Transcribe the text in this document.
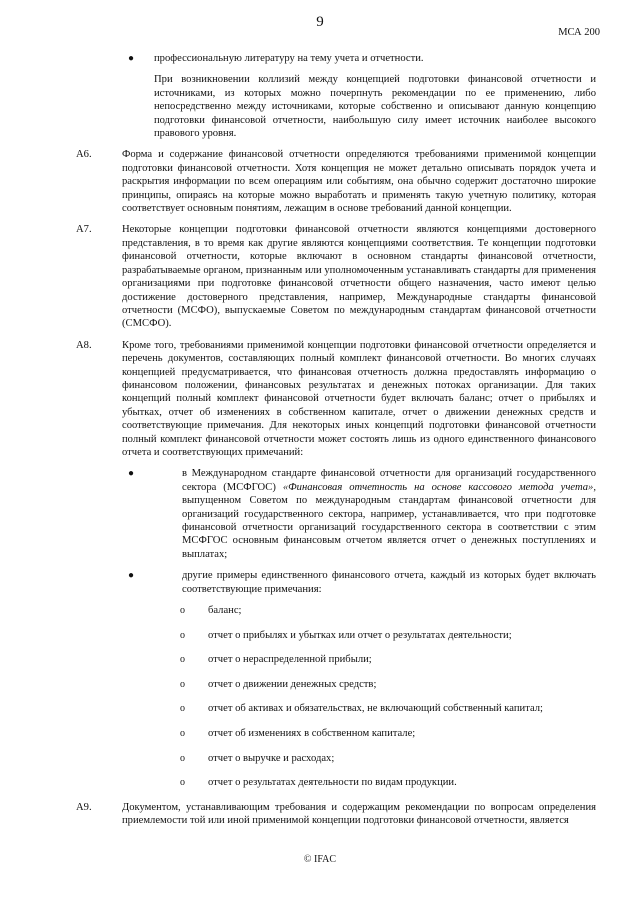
9
МСА 200
● профессиональную литературу на тему учета и отчетности.
При возникновении коллизий между концепцией подготовки финансовой отчетности и источниками, из которых можно почерпнуть рекомендации по ее применению, либо непосредственно между источниками, которые собственно и описывают данную концепцию подготовки финансовой отчетности, наибольшую силу имеет источник наиболее высокого правового уровня.
А6.	Форма и содержание финансовой отчетности определяются требованиями применимой концепции подготовки финансовой отчетности. Хотя концепция не может детально описывать порядок учета и раскрытия информации по всем операциям или событиям, она обычно содержит достаточно широкие принципы, опираясь на которые можно выработать и применять такую учетную политику, которая соответствует основным понятиям, лежащим в основе требований данной концепции.
А7.	Некоторые концепции подготовки финансовой отчетности являются концепциями достоверного представления, в то время как другие являются концепциями соответствия. Те концепции подготовки финансовой отчетности, которые включают в основном стандарты финансовой отчетности, разрабатываемые органом, признанным или уполномоченным устанавливать стандарты для применения организациями при подготовке финансовой отчетности общего назначения, часто имеют целью достижение достоверного представления, например, Международные стандарты финансовой отчетности (МСФО), выпускаемые Советом по международным стандартам финансовой отчетности (СМСФО).
А8.	Кроме того, требованиями применимой концепции подготовки финансовой отчетности определяется и перечень документов, составляющих полный комплект финансовой отчетности. Во многих случаях концепцией предусматривается, что финансовая отчетность должна предоставлять информацию о финансовом положении, финансовых результатах и денежных потоках организации. Для таких концепций полный комплект финансовой отчетности будет включать баланс; отчет о прибылях и убытках, отчет об изменениях в собственном капитале, отчет о движении денежных средств и соответствующие примечания. Для некоторых иных концепций подготовки финансовой отчетности полный комплект финансовой отчетности может состоять лишь из одного единственного финансового отчета и соответствующих примечаний:
●	в Международном стандарте финансовой отчетности для организаций государственного сектора (МСФГОС) «Финансовая отчетность на основе кассового метода учета», выпущенном Советом по международным стандартам финансовой отчетности для организаций государственного сектора, например, устанавливается, что при подготовке финансовой отчетности организаций государственного сектора в соответствии с этим МСФГОС основным финансовым отчетом является отчет о денежных поступлениях и выплатах;
●	другие примеры единственного финансового отчета, каждый из которых будет включать соответствующие примечания:
o баланс;
o отчет о прибылях и убытках или отчет о результатах деятельности;
o отчет о нераспределенной прибыли;
o отчет о движении денежных средств;
o отчет об активах и обязательствах, не включающий собственный капитал;
o отчет об изменениях в собственном капитале;
o отчет о выручке и расходах;
o отчет о результатах деятельности по видам продукции.
А9.	Документом, устанавливающим требования и содержащим рекомендации по вопросам определения приемлемости той или иной применимой концепции подготовки финансовой отчетности, является
© IFAC
